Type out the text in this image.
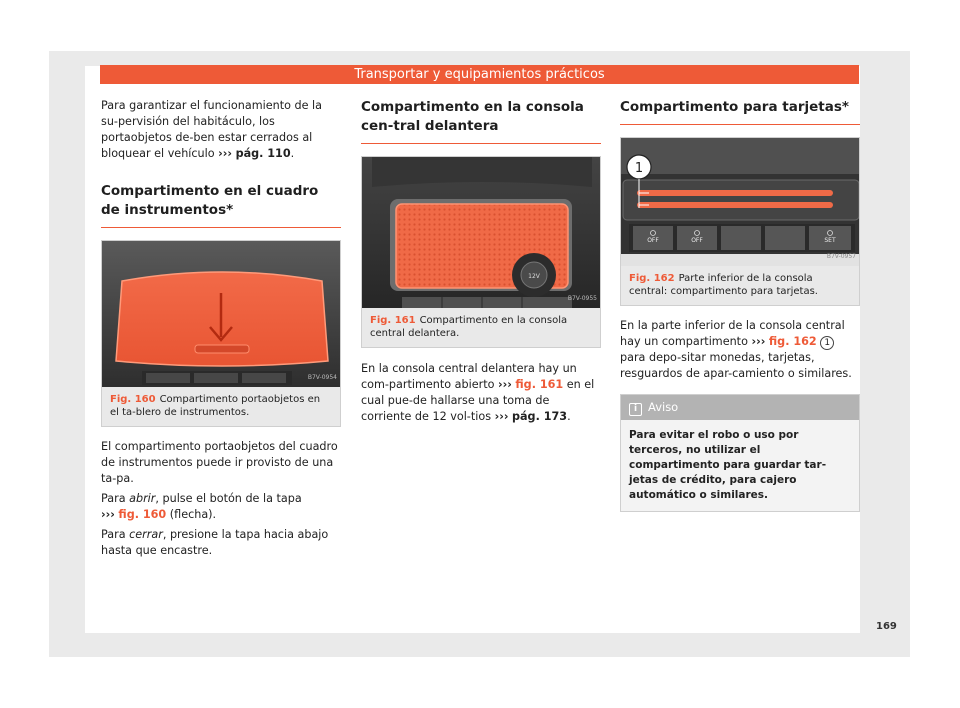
Transportar y equipamientos prácticos

Para garantizar el funcionamiento de la su-pervisión del habitáculo, los portaobjetos de-ben estar cerrados al bloquear el vehículo ››› pág. 110.

Compartimento en el cuadro de instrumentos*
B7V-0954
Fig. 160 Compartimento portaobjetos en el ta-blero de instrumentos.

El compartimento portaobjetos del cuadro de instrumentos puede ir provisto de una ta-pa.

Para abrir, pulse el botón de la tapa
››› fig. 160 (flecha).

Para cerrar, presione la tapa hacia abajo hasta que encastre.

Compartimento en la consola cen-tral delantera
12V
B7V-0955
Fig. 161 Compartimento en la consola central delantera.

En la consola central delantera hay un com-partimento abierto ››› fig. 161 en el cual pue-de hallarse una toma de corriente de 12 vol-tios ››› pág. 173.

Compartimento para tarjetas*
1
OFF	OFF	SET
B7V-0957
Fig. 162 Parte inferior de la consola central: compartimento para tarjetas.

En la parte inferior de la consola central hay un compartimento ››› fig. 162 1 para depo-sitar monedas, tarjetas, resguardos de apar-camiento o similares.

i Aviso
Para evitar el robo o uso por terceros, no utilizar el compartimento para guardar tar-jetas de crédito, para cajero automático o similares.
169
